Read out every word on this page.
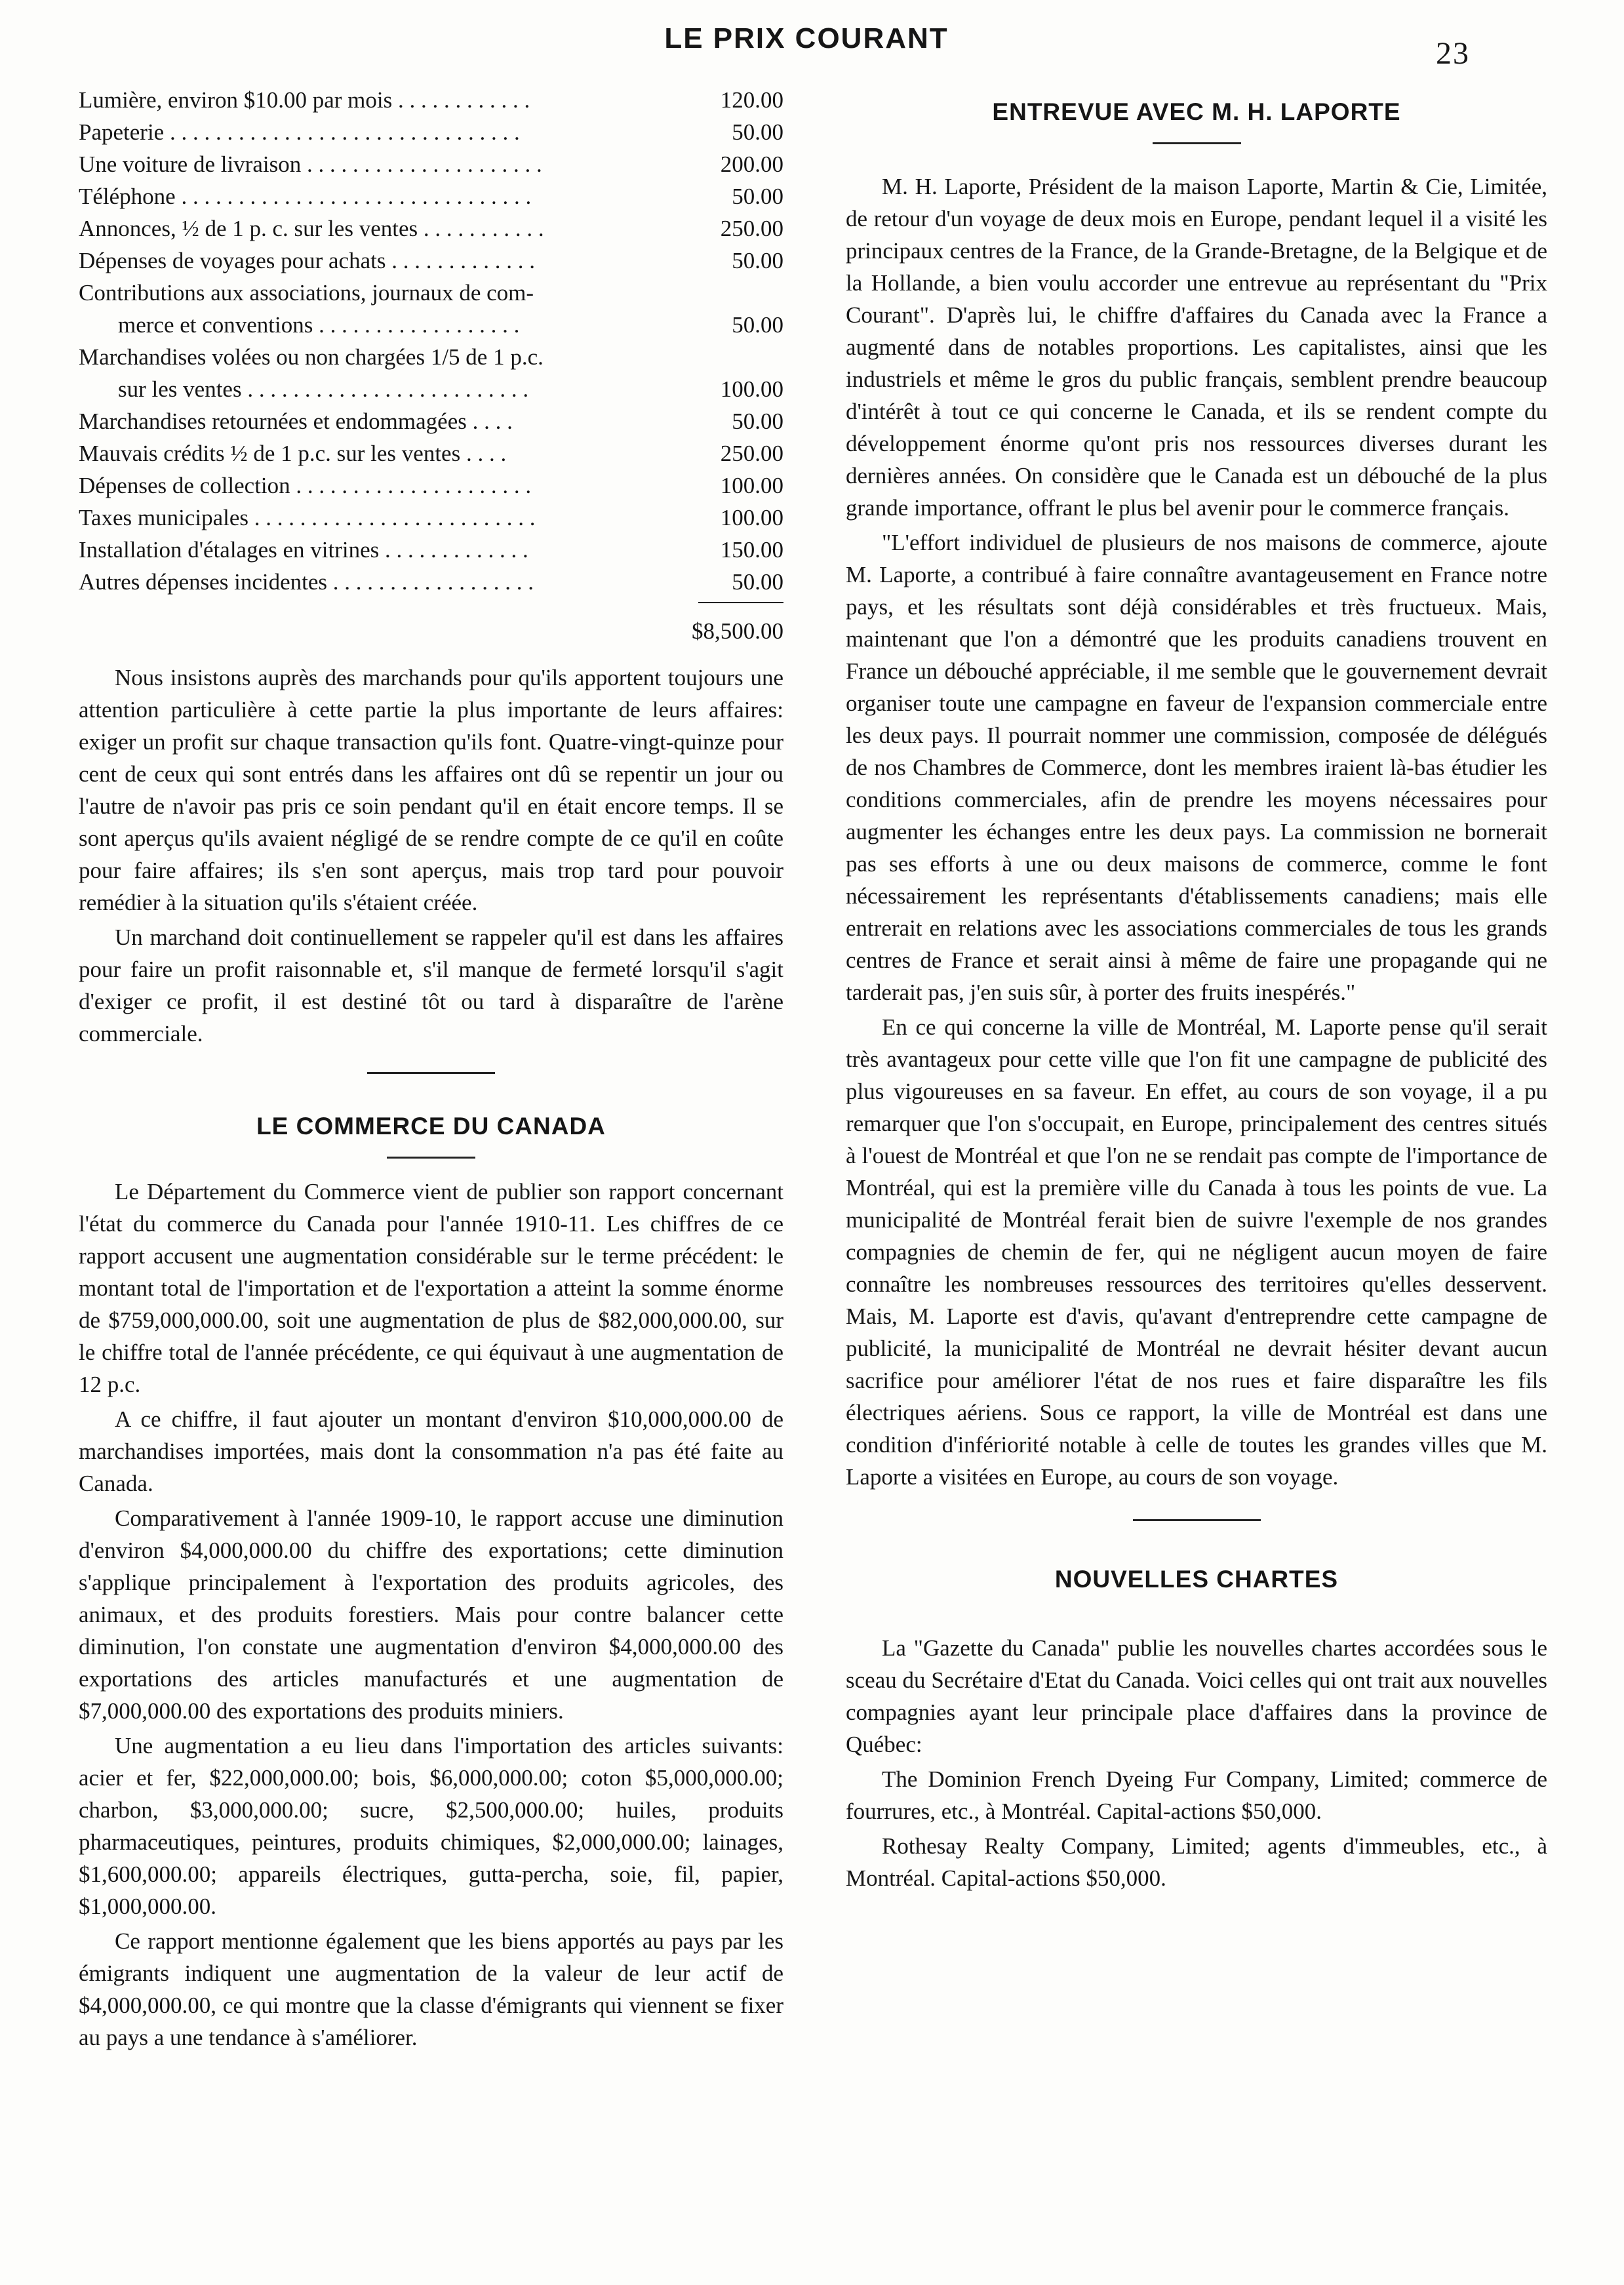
LE PRIX COURANT	23
Lumière, environ $10.00 par mois . . . . . . . . . . . .	120.00
Papeterie . . . . . . . . . . . . . . . . . . . . . . . . . . . . . . .	50.00
Une voiture de livraison . . . . . . . . . . . . . . . . . . . . .	200.00
Téléphone . . . . . . . . . . . . . . . . . . . . . . . . . . . . . . .	50.00
Annonces, ½ de 1 p. c. sur les ventes . . . . . . . . . . .	250.00
Dépenses de voyages pour achats . . . . . . . . . . . . .	50.00
Contributions aux associations, journaux de com-
merce et conventions . . . . . . . . . . . . . . . . . .	50.00
Marchandises volées ou non chargées 1/5 de 1 p.c.
sur les ventes . . . . . . . . . . . . . . . . . . . . . . . . .	100.00
Marchandises retournées et endommagées . . . .	50.00
Mauvais crédits ½ de 1 p.c. sur les ventes . . . .	250.00
Dépenses de collection . . . . . . . . . . . . . . . . . . . . .	100.00
Taxes municipales . . . . . . . . . . . . . . . . . . . . . . . . .	100.00
Installation d'étalages en vitrines . . . . . . . . . . . . .	150.00
Autres dépenses incidentes . . . . . . . . . . . . . . . . . .	50.00
$8,500.00

Nous insistons auprès des marchands pour qu'ils apportent toujours une attention particulière à cette partie la plus importante de leurs affaires: exiger un profit sur chaque transaction qu'ils font. Quatre-vingt-quinze pour cent de ceux qui sont entrés dans les affaires ont dû se repentir un jour ou l'autre de n'avoir pas pris ce soin pendant qu'il en était encore temps. Il se sont aperçus qu'ils avaient négligé de se rendre compte de ce qu'il en coûte pour faire affaires; ils s'en sont aperçus, mais trop tard pour pouvoir remédier à la situation qu'ils s'étaient créée.

Un marchand doit continuellement se rappeler qu'il est dans les affaires pour faire un profit raisonnable et, s'il manque de fermeté lorsqu'il s'agit d'exiger ce profit, il est destiné tôt ou tard à disparaître de l'arène commerciale.

LE COMMERCE DU CANADA

Le Département du Commerce vient de publier son rapport concernant l'état du commerce du Canada pour l'année 1910-11. Les chiffres de ce rapport accusent une augmentation considérable sur le terme précédent: le montant total de l'importation et de l'exportation a atteint la somme énorme de $759,000,000.00, soit une augmentation de plus de $82,000,000.00, sur le chiffre total de l'année précédente, ce qui équivaut à une augmentation de 12 p.c.

A ce chiffre, il faut ajouter un montant d'environ $10,000,000.00 de marchandises importées, mais dont la consommation n'a pas été faite au Canada.

Comparativement à l'année 1909-10, le rapport accuse une diminution d'environ $4,000,000.00 du chiffre des exportations; cette diminution s'applique principalement à l'exportation des produits agricoles, des animaux, et des produits forestiers. Mais pour contre balancer cette diminution, l'on constate une augmentation d'environ $4,000,000.00 des exportations des articles manufacturés et une augmentation de $7,000,000.00 des exportations des produits miniers.

Une augmentation a eu lieu dans l'importation des articles suivants: acier et fer, $22,000,000.00; bois, $6,000,000.00; coton $5,000,000.00; charbon, $3,000,000.00; sucre, $2,500,000.00; huiles, produits pharmaceutiques, peintures, produits chimiques, $2,000,000.00; lainages, $1,600,000.00; appareils électriques, gutta-percha, soie, fil, papier, $1,000,000.00.

Ce rapport mentionne également que les biens apportés au pays par les émigrants indiquent une augmentation de la valeur de leur actif de $4,000,000.00, ce qui montre que la classe d'émigrants qui viennent se fixer au pays a une tendance à s'améliorer.

ENTREVUE AVEC M. H. LAPORTE

M. H. Laporte, Président de la maison Laporte, Martin & Cie, Limitée, de retour d'un voyage de deux mois en Europe, pendant lequel il a visité les principaux centres de la France, de la Grande-Bretagne, de la Belgique et de la Hollande, a bien voulu accorder une entrevue au représentant du "Prix Courant". D'après lui, le chiffre d'affaires du Canada avec la France a augmenté dans de notables proportions. Les capitalistes, ainsi que les industriels et même le gros du public français, semblent prendre beaucoup d'intérêt à tout ce qui concerne le Canada, et ils se rendent compte du développement énorme qu'ont pris nos ressources diverses durant les dernières années. On considère que le Canada est un débouché de la plus grande importance, offrant le plus bel avenir pour le commerce français.

"L'effort individuel de plusieurs de nos maisons de commerce, ajoute M. Laporte, a contribué à faire connaître avantageusement en France notre pays, et les résultats sont déjà considérables et très fructueux. Mais, maintenant que l'on a démontré que les produits canadiens trouvent en France un débouché appréciable, il me semble que le gouvernement devrait organiser toute une campagne en faveur de l'expansion commerciale entre les deux pays. Il pourrait nommer une commission, composée de délégués de nos Chambres de Commerce, dont les membres iraient là-bas étudier les conditions commerciales, afin de prendre les moyens nécessaires pour augmenter les échanges entre les deux pays. La commission ne bornerait pas ses efforts à une ou deux maisons de commerce, comme le font nécessairement les représentants d'établissements canadiens; mais elle entrerait en relations avec les associations commerciales de tous les grands centres de France et serait ainsi à même de faire une propagande qui ne tarderait pas, j'en suis sûr, à porter des fruits inespérés."

En ce qui concerne la ville de Montréal, M. Laporte pense qu'il serait très avantageux pour cette ville que l'on fit une campagne de publicité des plus vigoureuses en sa faveur. En effet, au cours de son voyage, il a pu remarquer que l'on s'occupait, en Europe, principalement des centres situés à l'ouest de Montréal et que l'on ne se rendait pas compte de l'importance de Montréal, qui est la première ville du Canada à tous les points de vue. La municipalité de Montréal ferait bien de suivre l'exemple de nos grandes compagnies de chemin de fer, qui ne négligent aucun moyen de faire connaître les nombreuses ressources des territoires qu'elles desservent. Mais, M. Laporte est d'avis, qu'avant d'entreprendre cette campagne de publicité, la municipalité de Montréal ne devrait hésiter devant aucun sacrifice pour améliorer l'état de nos rues et faire disparaître les fils électriques aériens. Sous ce rapport, la ville de Montréal est dans une condition d'infériorité notable à celle de toutes les grandes villes que M. Laporte a visitées en Europe, au cours de son voyage.

NOUVELLES CHARTES

La "Gazette du Canada" publie les nouvelles chartes accordées sous le sceau du Secrétaire d'Etat du Canada. Voici celles qui ont trait aux nouvelles compagnies ayant leur principale place d'affaires dans la province de Québec:

The Dominion French Dyeing Fur Company, Limited; commerce de fourrures, etc., à Montréal. Capital-actions $50,000.

Rothesay Realty Company, Limited; agents d'immeubles, etc., à Montréal. Capital-actions $50,000.
